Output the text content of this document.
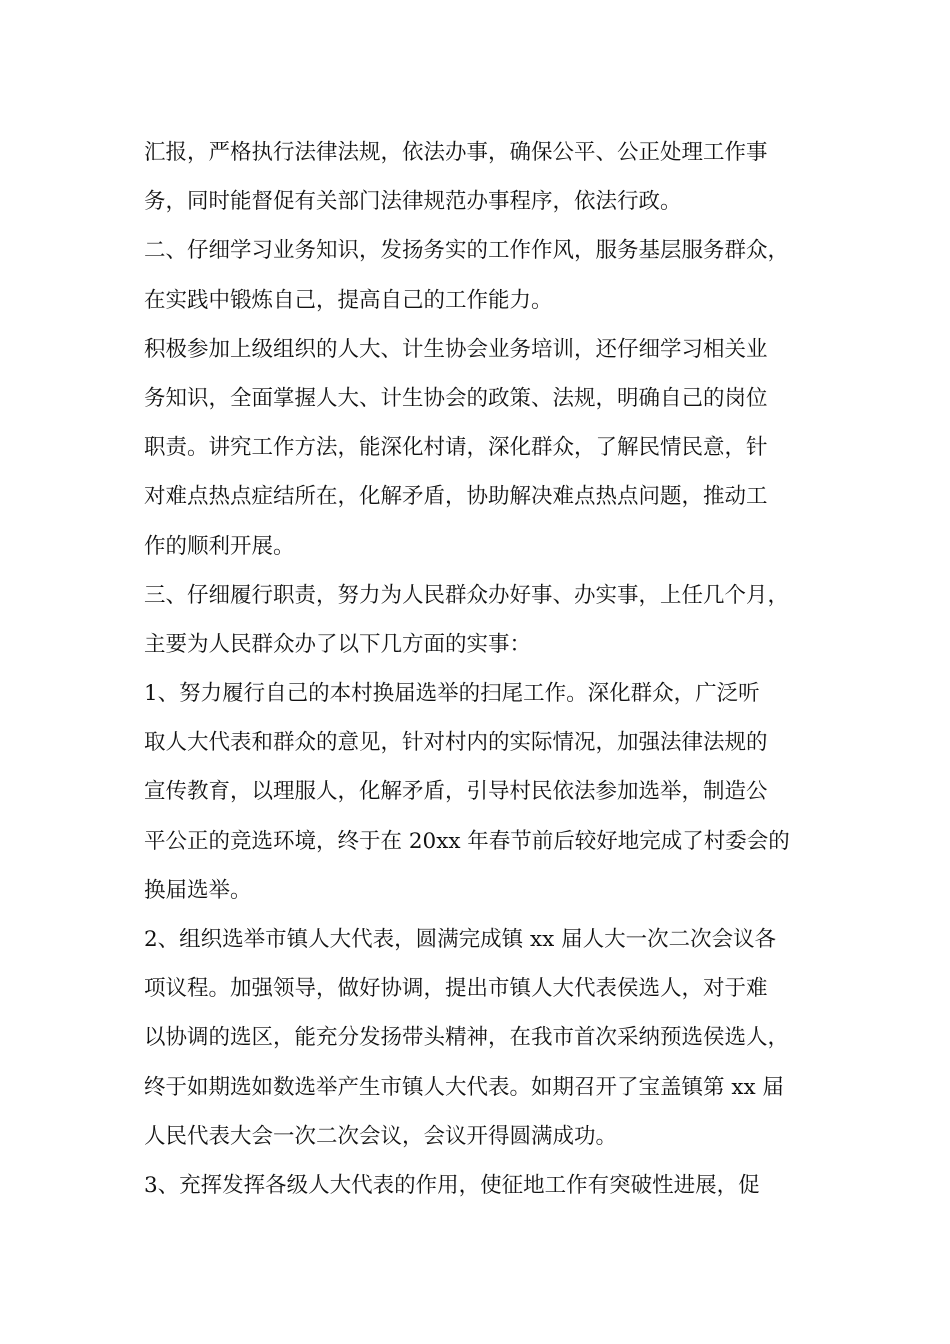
汇报，严格执行法律法规，依法办事，确保公平、公正处理工作事

务，同时能督促有关部门法律规范办事程序，依法行政。

二、仔细学习业务知识，发扬务实的工作作风，服务基层服务群众，

在实践中锻炼自己，提高自己的工作能力。

积极参加上级组织的人大、计生协会业务培训，还仔细学习相关业

务知识，全面掌握人大、计生协会的政策、法规，明确自己的岗位

职责。讲究工作方法，能深化村请，深化群众，了解民情民意，针

对难点热点症结所在，化解矛盾，协助解决难点热点问题，推动工

作的顺利开展。

三、仔细履行职责，努力为人民群众办好事、办实事，上任几个月，

主要为人民群众办了以下几方面的实事：

1、努力履行自己的本村换届选举的扫尾工作。深化群众，广泛听

取人大代表和群众的意见，针对村内的实际情况，加强法律法规的

宣传教育，以理服人，化解矛盾，引导村民依法参加选举，制造公

平公正的竞选环境，终于在 20xx 年春节前后较好地完成了村委会的

换届选举。

2、组织选举市镇人大代表，圆满完成镇 xx 届人大一次二次会议各

项议程。加强领导，做好协调，提出市镇人大代表侯选人，对于难

以协调的选区，能充分发扬带头精神，在我市首次采纳预选侯选人，

终于如期选如数选举产生市镇人大代表。如期召开了宝盖镇第 xx 届

人民代表大会一次二次会议，会议开得圆满成功。

3、充挥发挥各级人大代表的作用，使征地工作有突破性进展，促
